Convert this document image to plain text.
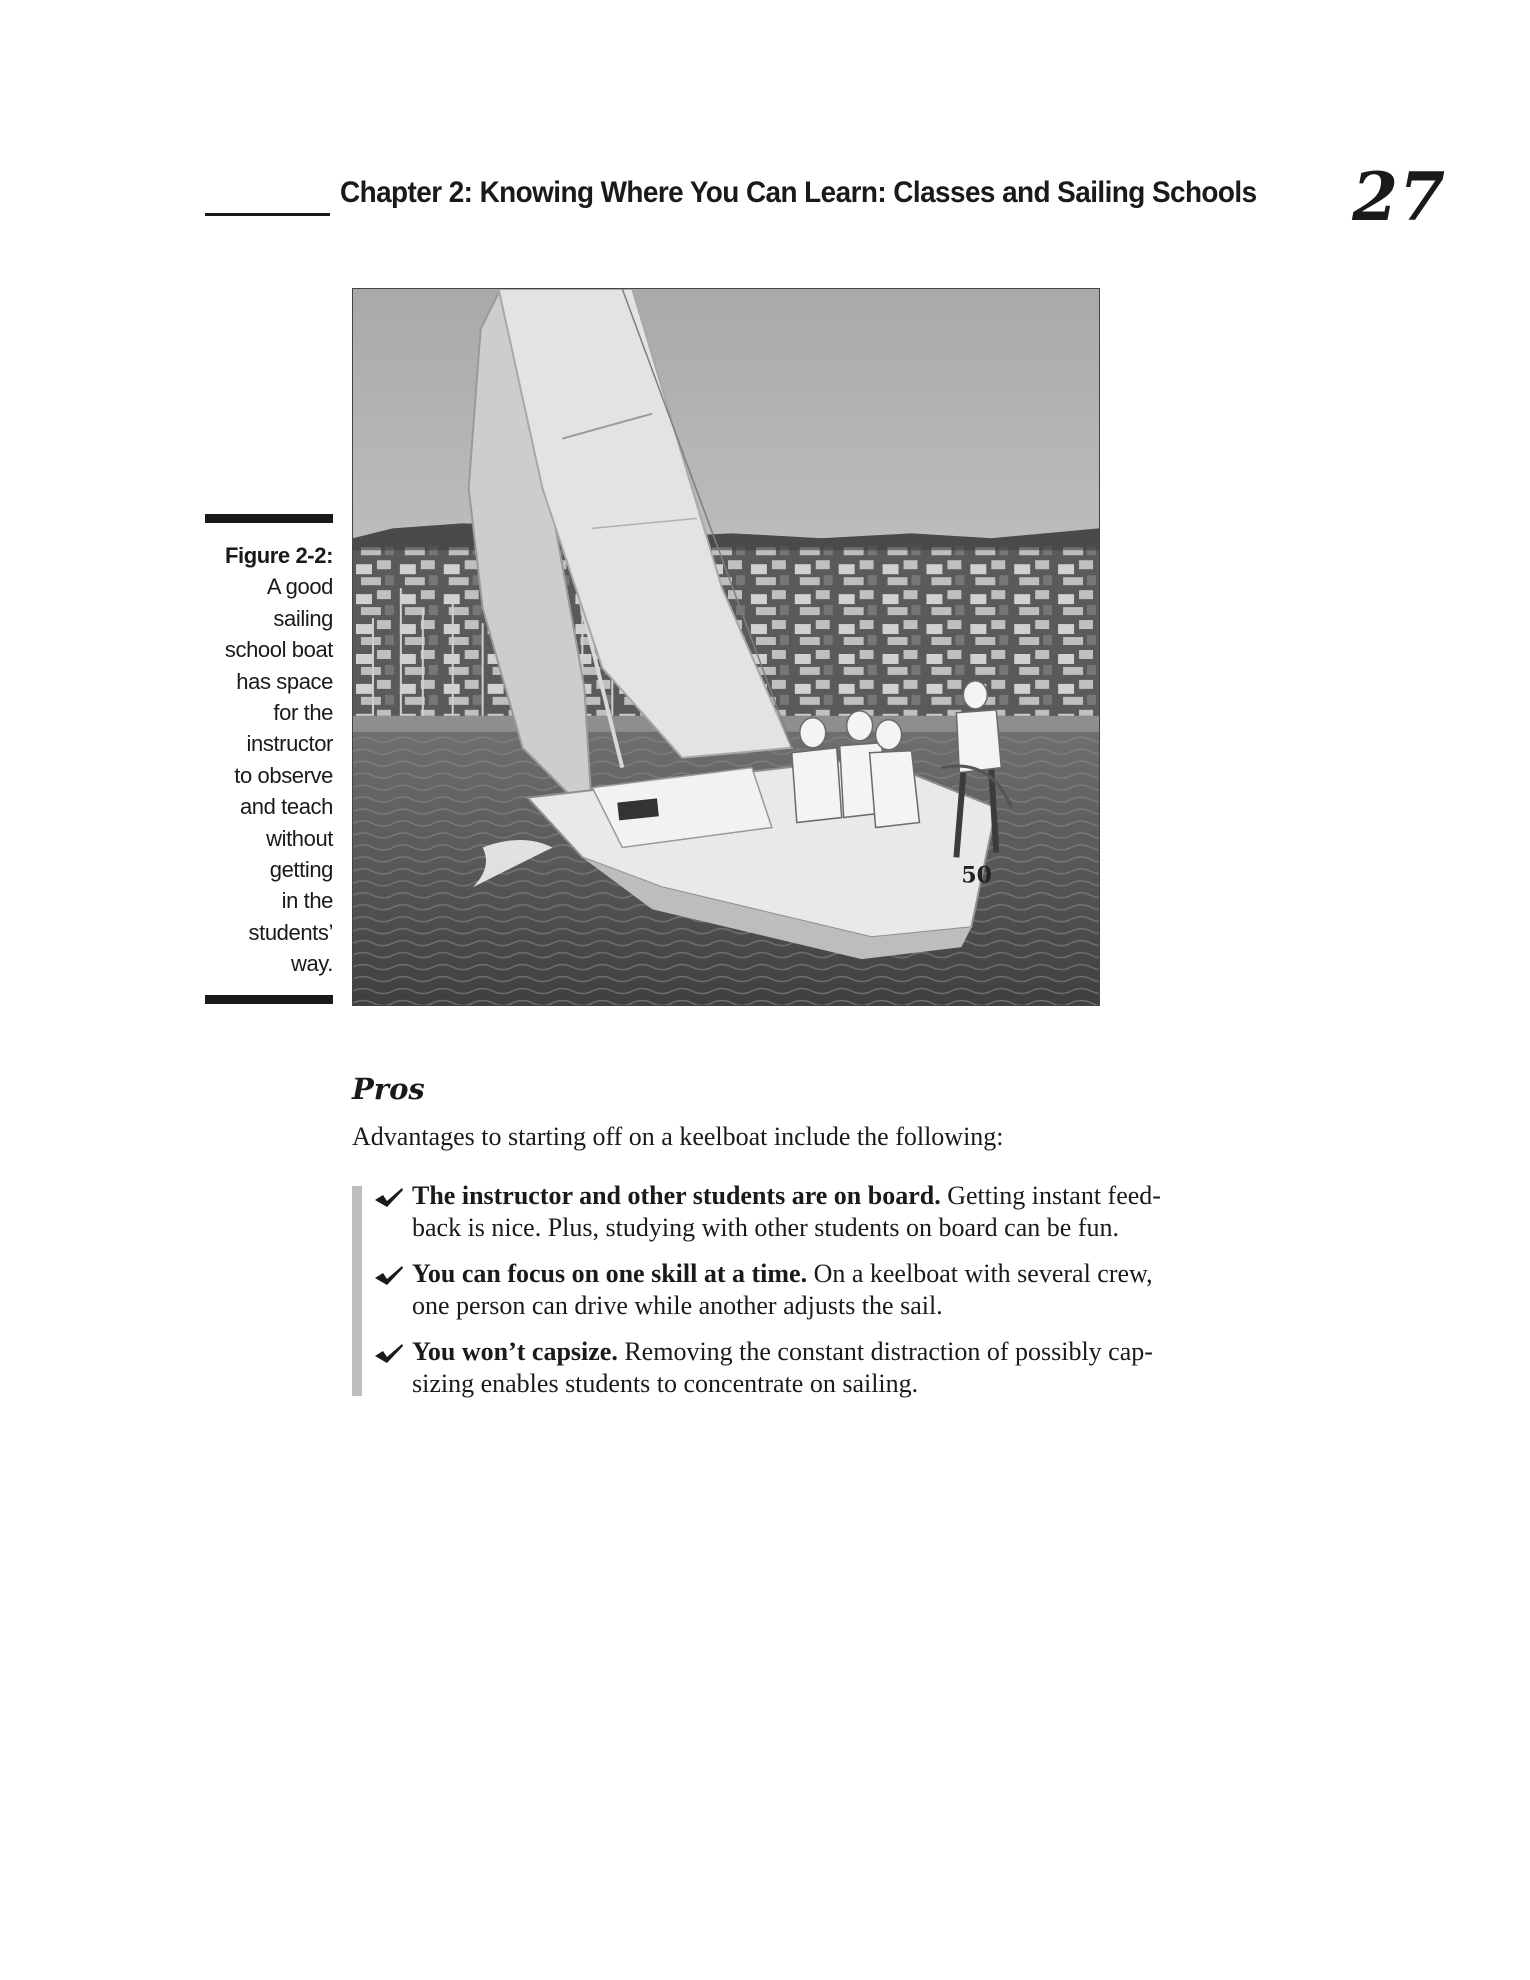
Chapter 2: Knowing Where You Can Learn: Classes and Sailing Schools 27
Figure 2-2:
A good
sailing
school boat
has space
for the
instructor
to observe
and teach
without
getting
in the
students’
way.
50
Pros
Advantages to starting off on a keelboat include the following:
The instructor and other students are on board. Getting instant feed-
back is nice. Plus, studying with other students on board can be fun.
You can focus on one skill at a time. On a keelboat with several crew,
one person can drive while another adjusts the sail.
You won’t capsize. Removing the constant distraction of possibly cap-
sizing enables students to concentrate on sailing.
